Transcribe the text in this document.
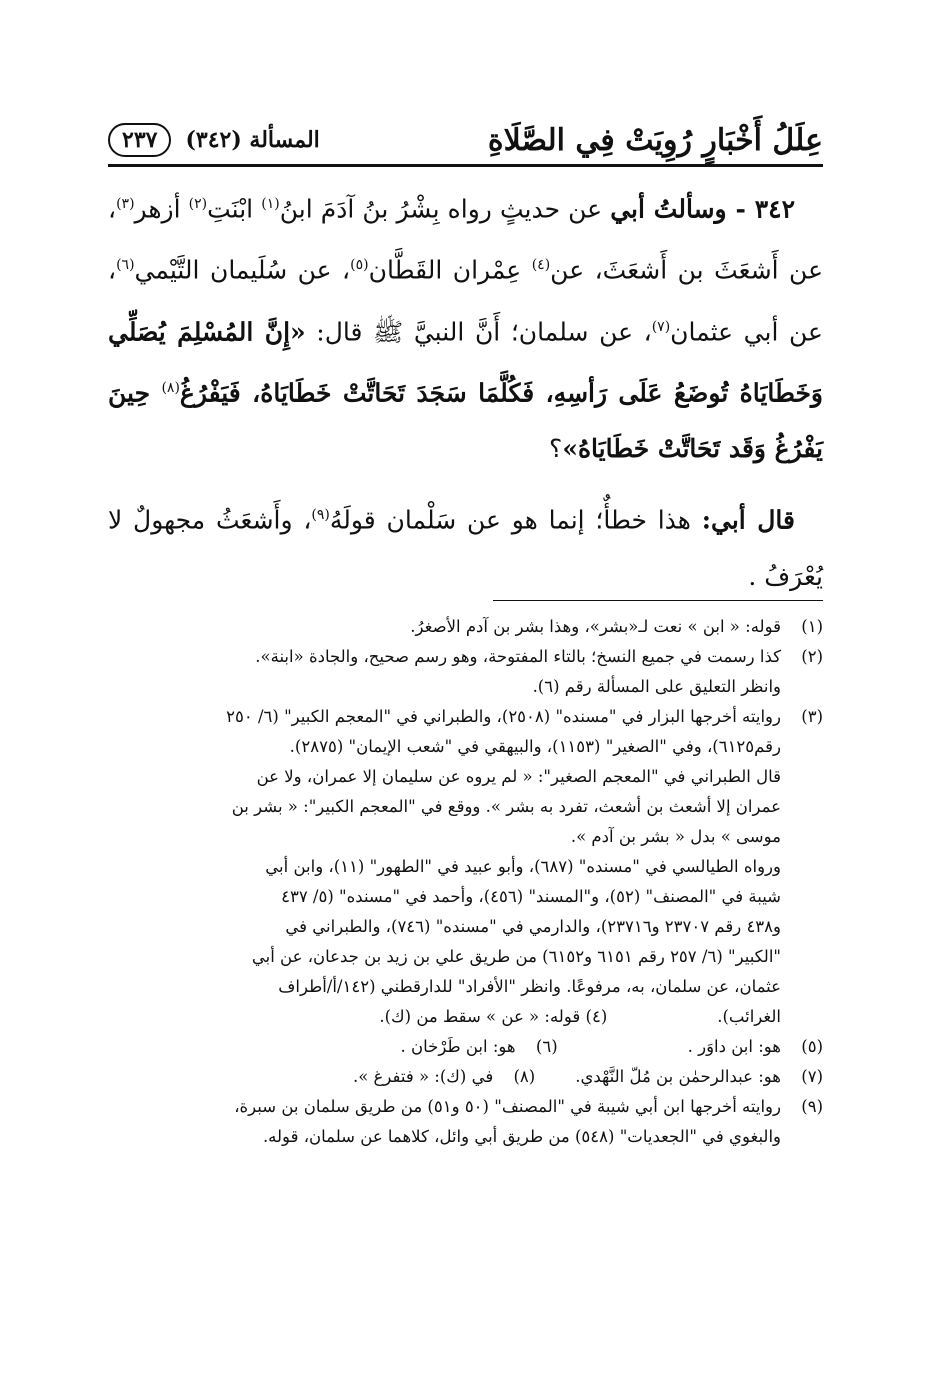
عِلَلُ أَخْبَارٍ رُوِيَتْ فِي الصَّلَاةِ
المسألة (٣٤٢)
٢٣٧

٣٤٢ - وسألتُ أبي عن حديثٍ رواه بِشْرُ بنُ آدَمَ ابنُ$^{(١)}$ ابْنَتِ$^{(٢)}$ أزهر$^{(٣)}$، عن أَشعَثَ بن أَشعَثَ، عن$^{(٤)}$ عِمْران القَطَّان$^{(٥)}$، عن سُلَيمان التَّيْمي$^{(٦)}$، عن أبي عثمان$^{(٧)}$، عن سلمان؛ أَنَّ النبيَّ ﷺ قال: «إِنَّ المُسْلِمَ يُصَلِّي وَخَطَايَاهُ تُوضَعُ عَلَى رَأسِهِ، فَكُلَّمَا سَجَدَ تَحَاتَّتْ خَطَايَاهُ، فَيَفْرُغُ$^{(٨)}$ حِينَ يَفْرُغُ وَقَد تَحَاتَّتْ خَطَايَاهُ»؟

قال أبي: هذا خطأٌ؛ إنما هو عن سَلْمان قولَهُ$^{(٩)}$، وأَشعَثُ مجهولٌ لا يُعْرَفُ .

(١)
قوله: « ابن » نعت لـ«بشر»، وهذا بشر بن آدم الأصغرُ.
(٢)
كذا رسمت في جميع النسخ؛ بالتاء المفتوحة، وهو رسم صحيح، والجادة «ابنة».
وانظر التعليق على المسألة رقم (٦).
(٣)
روايته أخرجها البزار في "مسنده" (٢٥٠٨)، والطبراني في "المعجم الكبير" (٦/ ٢٥٠
رقم٦١٢٥)، وفي "الصغير" (١١٥٣)، والبيهقي في "شعب الإيمان" (٢٨٧٥).
قال الطبراني في "المعجم الصغير": « لم يروه عن سليمان إلا عمران، ولا عن
عمران إلا أشعث بن أشعث، تفرد به بشر ». ووقع في "المعجم الكبير": « بشر بن
موسى » بدل « بشر بن آدم ».
ورواه الطيالسي في "مسنده" (٦٨٧)، وأبو عبيد في "الطهور" (١١)، وابن أبي
شيبة في "المصنف" (٥٢)، و"المسند" (٤٥٦)، وأحمد في "مسنده" (٥/ ٤٣٧
و٤٣٨ رقم ٢٣٧٠٧ و٢٣٧١٦)، والدارمي في "مسنده" (٧٤٦)، والطبراني في
"الكبير" (٦/ ٢٥٧ رقم ٦١٥١ و٦١٥٢) من طريق علي بن زيد بن جدعان، عن أبي
عثمان، عن سلمان، به، مرفوعًا. وانظر "الأفراد" للدارقطني (١٤٢/أ/أطراف
الغرائب).
(٤) قوله: « عن » سقط من (ك).
(٥)
هو: ابن داوَر .
(٦)
هو: ابن طَرْخان .
(٧)
هو: عبدالرحمٰن بن مُلّ النَّهْدي.
(٨)
في (ك): « فتفرغ ».
(٩)
روايته أخرجها ابن أبي شيبة في "المصنف" (٥٠ و٥١) من طريق سلمان بن سبرة،
والبغوي في "الجعديات" (٥٤٨) من طريق أبي وائل، كلاهما عن سلمان، قوله.
